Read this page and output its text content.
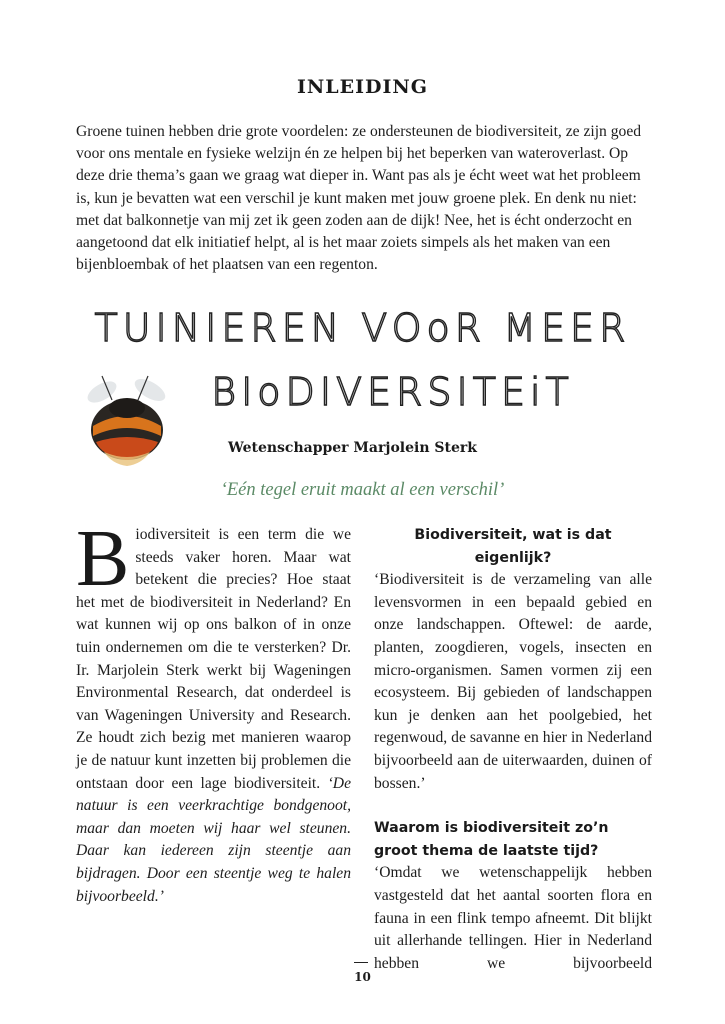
INLEIDING

Groene tuinen hebben drie grote voordelen: ze ondersteunen de biodiversiteit, ze zijn goed voor ons mentale en fysieke welzijn én ze helpen bij het beperken van wateroverlast. Op deze drie thema’s gaan we graag wat dieper in. Want pas als je écht weet wat het probleem is, kun je bevatten wat een verschil je kunt maken met jouw groene plek. En denk nu niet: met dat balkonnetje van mij zet ik geen zoden aan de dijk! Nee, het is écht onderzocht en aangetoond dat elk initiatief helpt, al is het maar zoiets simpels als het maken van een bijenbloembak of het plaatsen van een regenton.

TUINIEREN VOoR MEER
BIoDIVERSITEiT
Wetenschapper Marjolein Sterk
‘Eén tegel eruit maakt al een verschil’

Biodiversiteit is een term die we steeds vaker horen. Maar wat betekent die precies? Hoe staat het met de biodiversiteit in Nederland? En wat kunnen wij op ons balkon of in onze tuin ondernemen om die te versterken? Dr. Ir. Marjolein Sterk werkt bij Wageningen Environmental Research, dat onderdeel is van Wageningen University and Research. Ze houdt zich bezig met manieren waarop je de natuur kunt inzetten bij problemen die ontstaan door een lage biodiversiteit. ‘De natuur is een veerkrachtige bondgenoot, maar dan moeten wij haar wel steunen. Daar kan iedereen zijn steentje aan bijdragen. Door een steentje weg te halen bijvoorbeeld.’

Biodiversiteit, wat is dat eigenlijk?

‘Biodiversiteit is de verzameling van alle levensvormen in een bepaald gebied en onze landschappen. Oftewel: de aarde, planten, zoogdieren, vogels, insecten en micro-organismen. Samen vormen zij een ecosysteem. Bij gebieden of landschappen kun je denken aan het poolgebied, het regenwoud, de savanne en hier in Nederland bijvoorbeeld aan de uiterwaarden, duinen of bossen.’

Waarom is biodiversiteit zo’n groot thema de laatste tijd?

‘Omdat we wetenschappelijk hebben vastgesteld dat het aantal soorten flora en fauna in een flink tempo afneemt. Dit blijkt uit allerhande tellingen. Hier in Nederland hebben we bijvoorbeeld

10
